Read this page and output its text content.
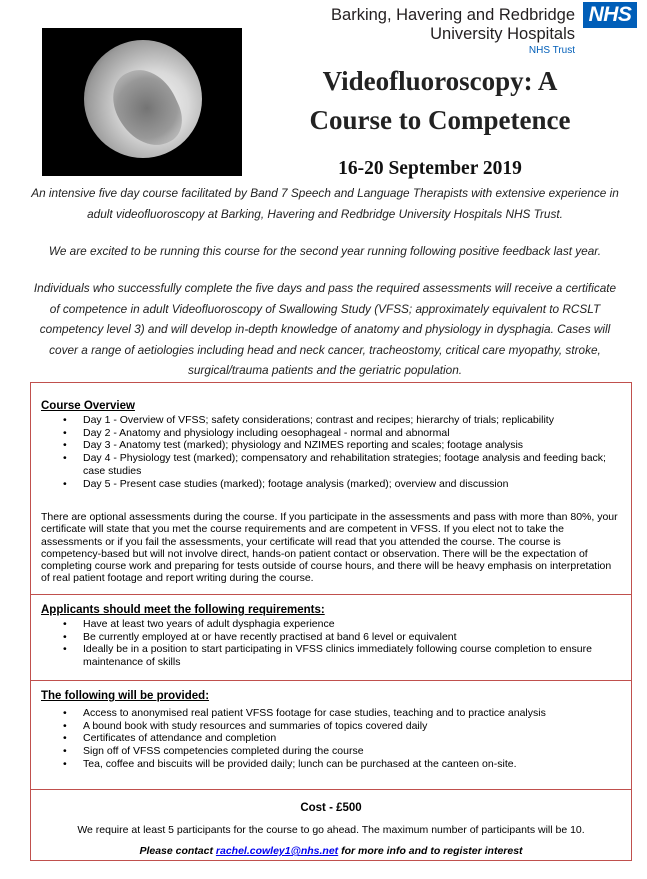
Barking, Havering and Redbridge
University Hospitals
NHS Trust
NHS
Videofluoroscopy: A
Course to Competence
16-20 September 2019

An intensive five day course facilitated by Band 7 Speech and Language Therapists with extensive experience in adult videofluoroscopy at Barking, Havering and Redbridge University Hospitals NHS Trust.

We are excited to be running this course for the second year running following positive feedback last year.

Individuals who successfully complete the five days and pass the required assessments will receive a certificate of competence in adult Videofluoroscopy of Swallowing Study (VFSS; approximately equivalent to RCSLT competency level 3) and will develop in-depth knowledge of anatomy and physiology in dysphagia. Cases will cover a range of aetiologies including head and neck cancer, tracheostomy, critical care myopathy, stroke, surgical/trauma patients and the geriatric population.

Course Overview
• Day 1 - Overview of VFSS; safety considerations; contrast and recipes; hierarchy of trials; replicability
• Day 2 - Anatomy and physiology including oesophageal - normal and abnormal
• Day 3 - Anatomy test (marked); physiology and NZIMES reporting and scales; footage analysis
• Day 4 - Physiology test (marked); compensatory and rehabilitation strategies; footage analysis and feeding back; case studies
• Day 5 - Present case studies (marked); footage analysis (marked); overview and discussion

There are optional assessments during the course. If you participate in the assessments and pass with more than 80%, your certificate will state that you met the course requirements and are competent in VFSS. If you elect not to take the assessments or if you fail the assessments, your certificate will read that you attended the course. The course is competency-based but will not involve direct, hands-on patient contact or observation. There will be the expectation of completing course work and preparing for tests outside of course hours, and there will be heavy emphasis on interpretation of real patient footage and report writing during the course.

Applicants should meet the following requirements:
• Have at least two years of adult dysphagia experience
• Be currently employed at or have recently practised at band 6 level or equivalent
• Ideally be in a position to start participating in VFSS clinics immediately following course completion to ensure maintenance of skills
The following will be provided:
• Access to anonymised real patient VFSS footage for case studies, teaching and to practice analysis
• A bound book with study resources and summaries of topics covered daily
• Certificates of attendance and completion
• Sign off of VFSS competencies completed during the course
• Tea, coffee and biscuits will be provided daily; lunch can be purchased at the canteen on-site.
Cost - £500
We require at least 5 participants for the course to go ahead. The maximum number of participants will be 10.
Please contact rachel.cowley1@nhs.net for more info and to register interest
